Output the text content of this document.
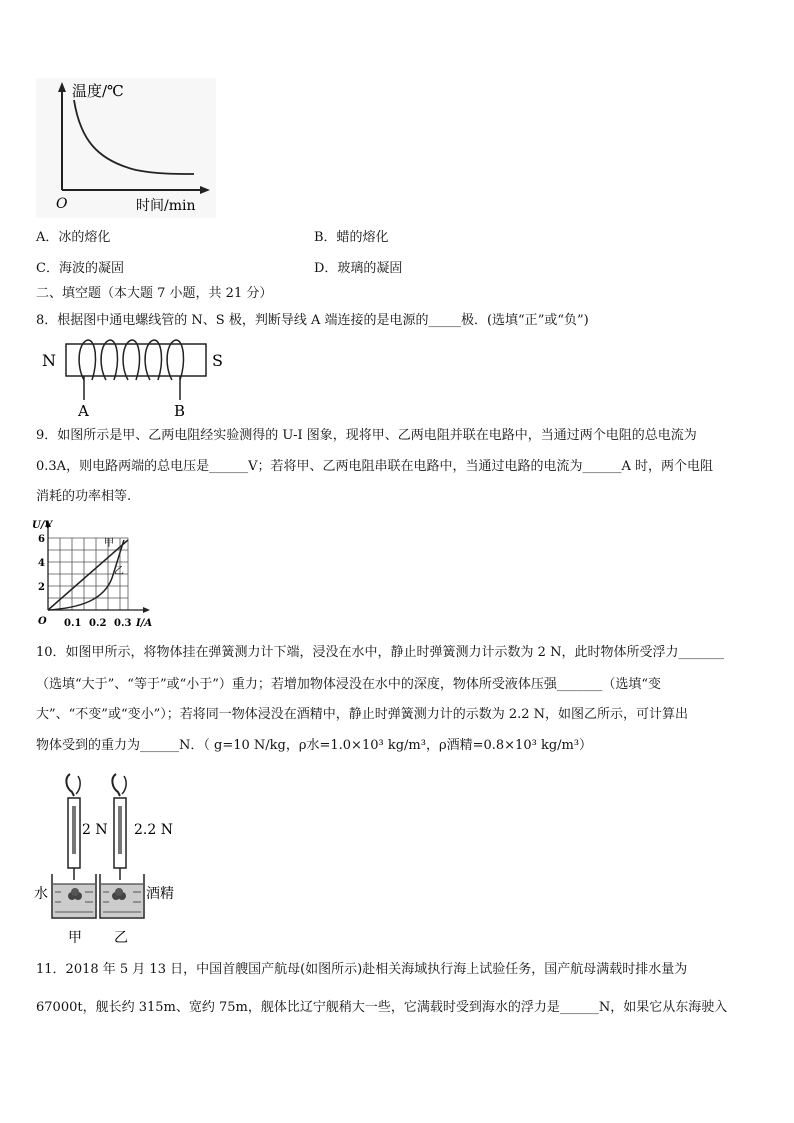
温度/℃
时间/min
O
A．冰的熔化	B．蜡的熔化
C．海波的凝固	D．玻璃的凝固
二、填空题（本大题 7 小题，共 21 分）
8．根据图中通电螺线管的 N、S 极，判断导线 A 端连接的是电源的_____极．(选填“正”或“负”)
N	S
A	B
9．如图所示是甲、乙两电阻经实验测得的 U-I 图象，现将甲、乙两电阻并联在电路中，当通过两个电阻的总电流为
0.3A，则电路两端的总电压是______V；若将甲、乙两电阻串联在电路中，当通过电路的电流为______A 时，两个电阻
消耗的功率相等.
U/V
6
4
2
O 0.1 0.2 0.3 I/A
甲
乙
10．如图甲所示，将物体挂在弹簧测力计下端，浸没在水中，静止时弹簧测力计示数为 2 N，此时物体所受浮力_______
（选填“大于”、“等于”或“小于”）重力；若增加物体浸没在水中的深度，物体所受液体压强_______（选填“变
大”、“不变”或“变小”）；若将同一物体浸没在酒精中，静止时弹簧测力计的示数为 2.2 N，如图乙所示，可计算出
物体受到的重力为______N．（ g=10 N/kg，ρ水=1.0×10³ kg/m³，ρ酒精=0.8×10³ kg/m³）
2 N 2.2 N
水	酒精
甲 乙
11．2018 年 5 月 13 日，中国首艘国产航母(如图所示)赴相关海域执行海上试验任务，国产航母满载时排水量为
67000t，舰长约 315m、宽约 75m，舰体比辽宁舰稍大一些，它满载时受到海水的浮力是______N，如果它从东海驶入
